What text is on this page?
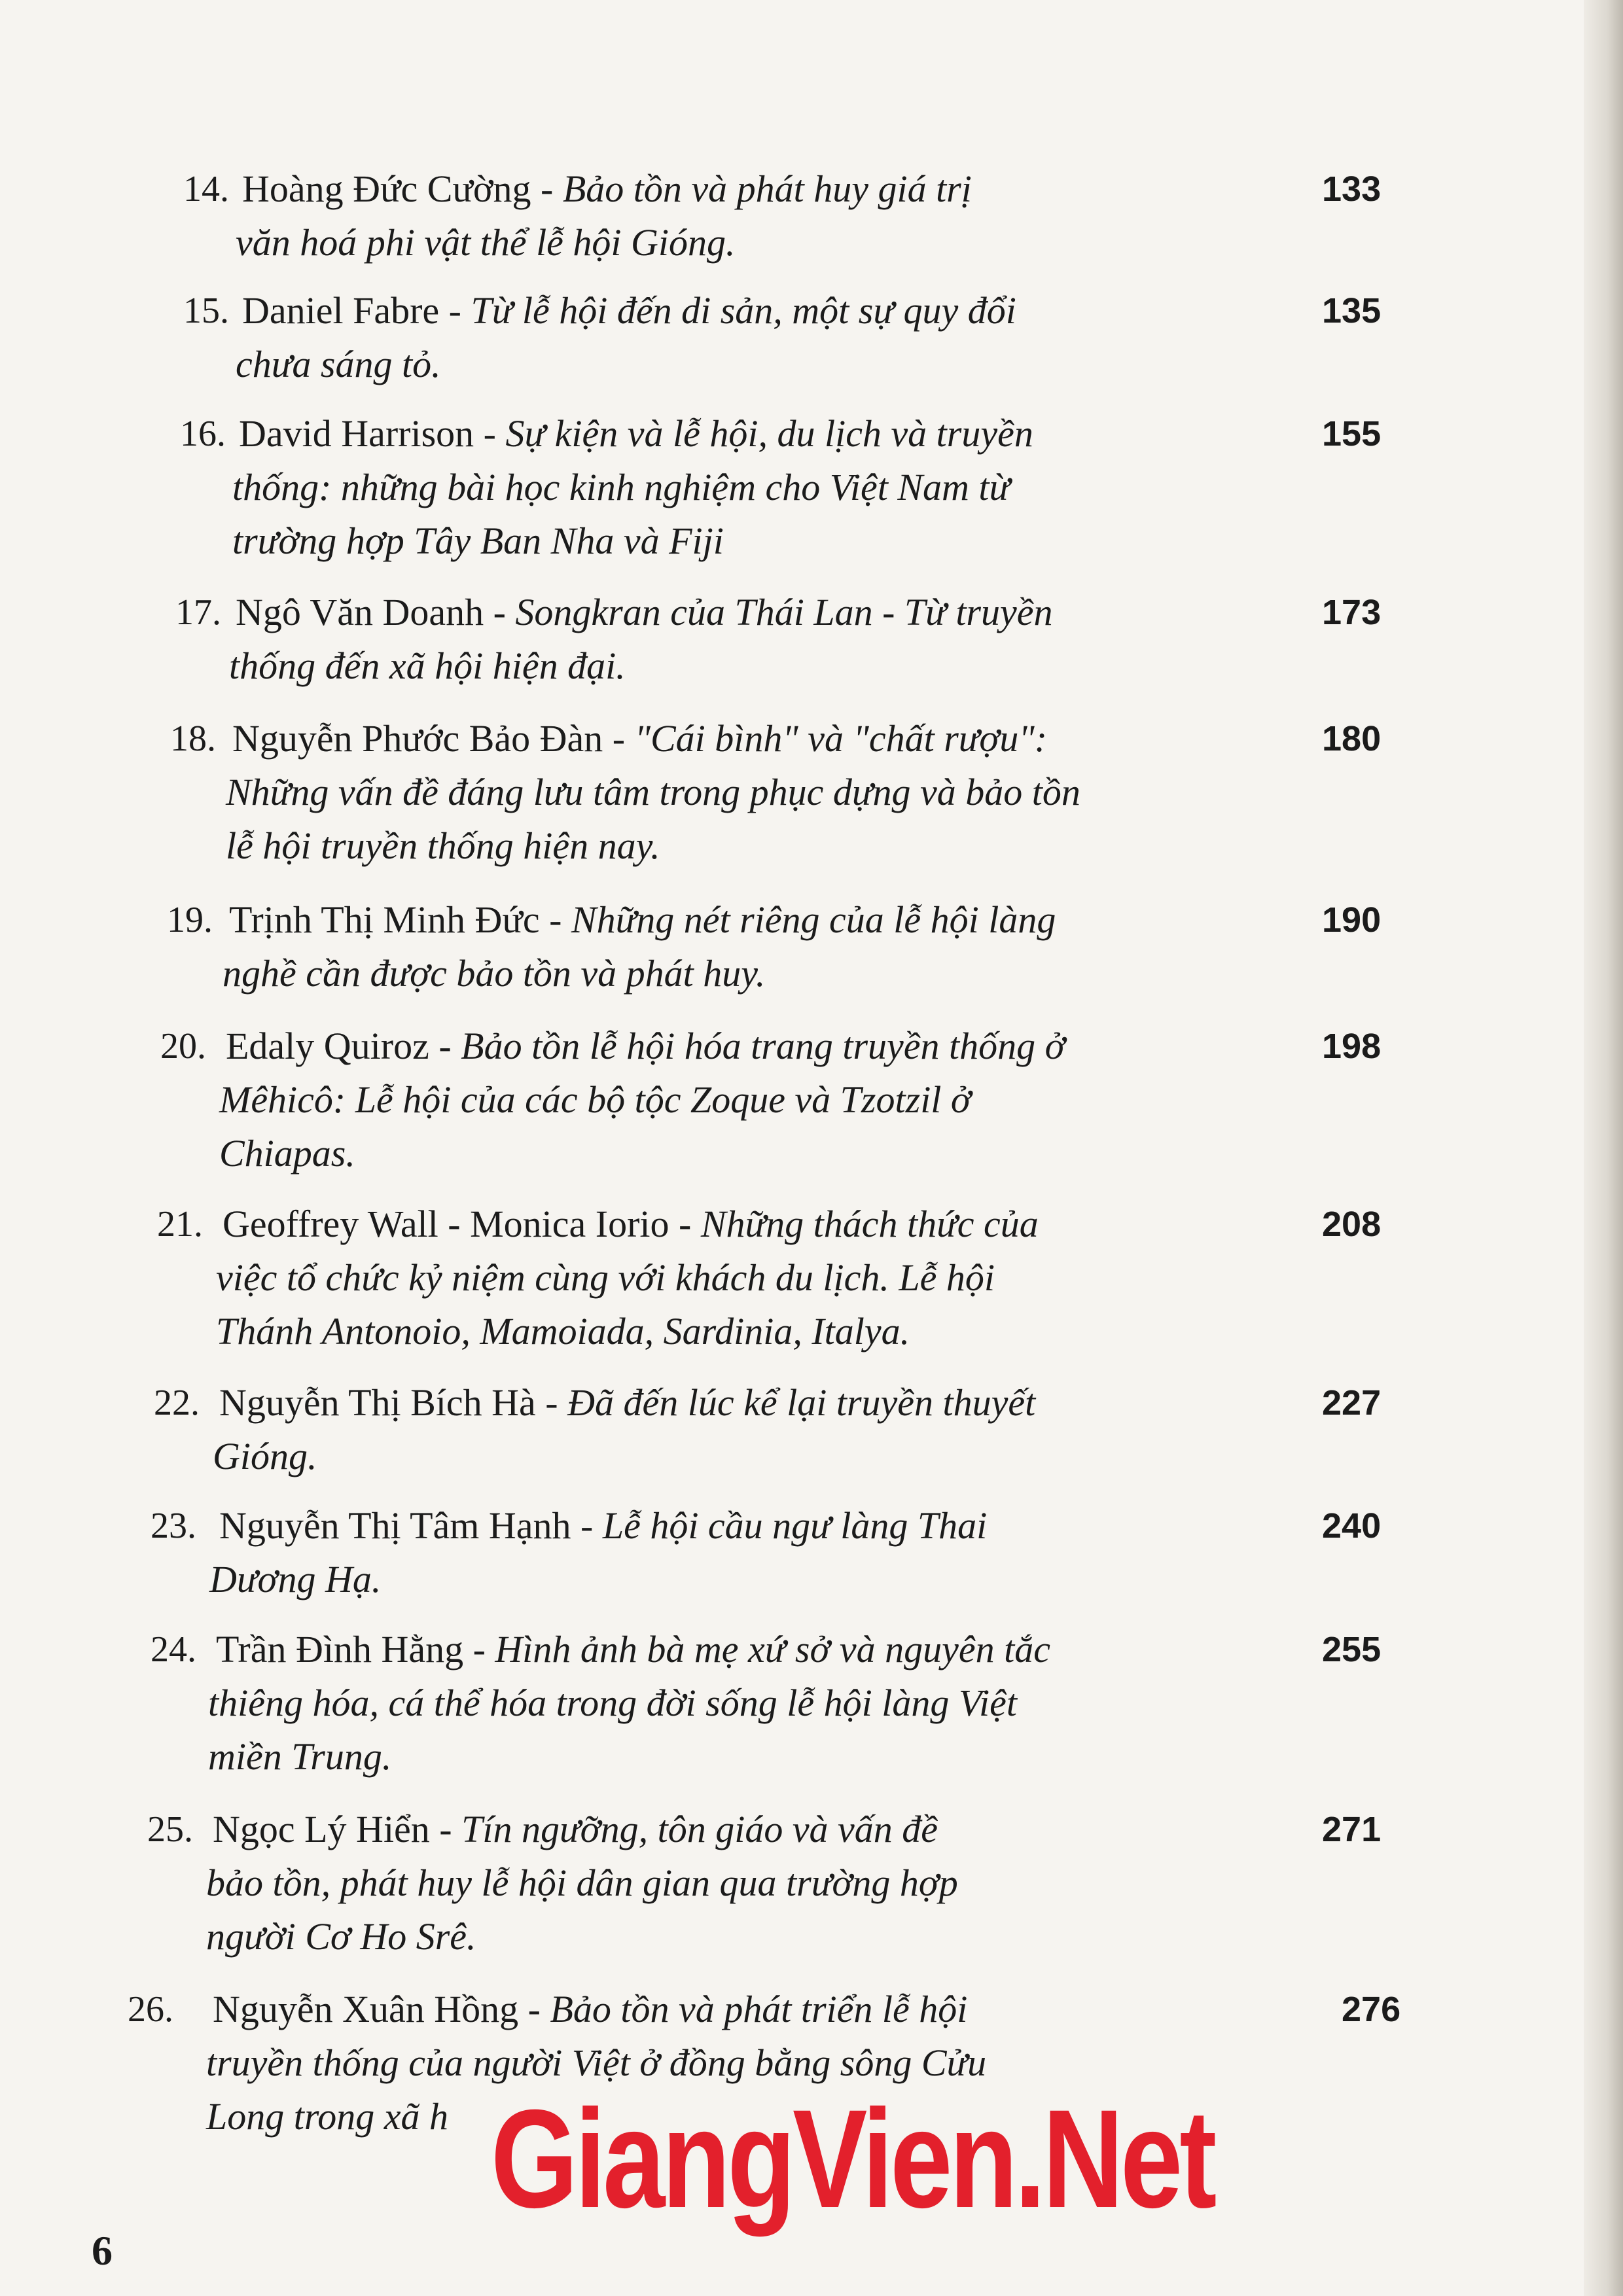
14. Hoàng Đức Cường - Bảo tồn và phát huy giá trị
văn hoá phi vật thể lễ hội Gióng.
133
15. Daniel Fabre - Từ lễ hội đến di sản, một sự quy đổi
chưa sáng tỏ.
135
16. David Harrison - Sự kiện và lễ hội, du lịch và truyền
thống: những bài học kinh nghiệm cho Việt Nam từ
trường hợp Tây Ban Nha và Fiji
155
17. Ngô Văn Doanh - Songkran của Thái Lan - Từ truyền
thống đến xã hội hiện đại.
173
18. Nguyễn Phước Bảo Đàn - "Cái bình" và "chất rượu":
Những vấn đề đáng lưu tâm trong phục dựng và bảo tồn
lễ hội truyền thống hiện nay.
180
19. Trịnh Thị Minh Đức - Những nét riêng của lễ hội làng
nghề cần được bảo tồn và phát huy.
190
20. Edaly Quiroz - Bảo tồn lễ hội hóa trang truyền thống ở
Mêhicô: Lễ hội của các bộ tộc Zoque và Tzotzil ở
Chiapas.
198
21. Geoffrey Wall - Monica Iorio - Những thách thức của
việc tổ chức kỷ niệm cùng với khách du lịch. Lễ hội
Thánh Antonoio, Mamoiada, Sardinia, Italya.
208
22. Nguyễn Thị Bích Hà - Đã đến lúc kể lại truyền thuyết
Gióng.
227
23. Nguyễn Thị Tâm Hạnh - Lễ hội cầu ngư làng Thai
Dương Hạ.
240
24. Trần Đình Hằng - Hình ảnh bà mẹ xứ sở và nguyên tắc
thiêng hóa, cá thể hóa trong đời sống lễ hội làng Việt
miền Trung.
255
25. Ngọc Lý Hiển - Tín ngưỡng, tôn giáo và vấn đề
bảo tồn, phát huy lễ hội dân gian qua trường hợp
người Cơ Ho Srê.
271
26. Nguyễn Xuân Hồng - Bảo tồn và phát triển lễ hội
truyền thống của người Việt ở đồng bằng sông Cửu
Long trong xã h
276
6
GiangVien.Net
